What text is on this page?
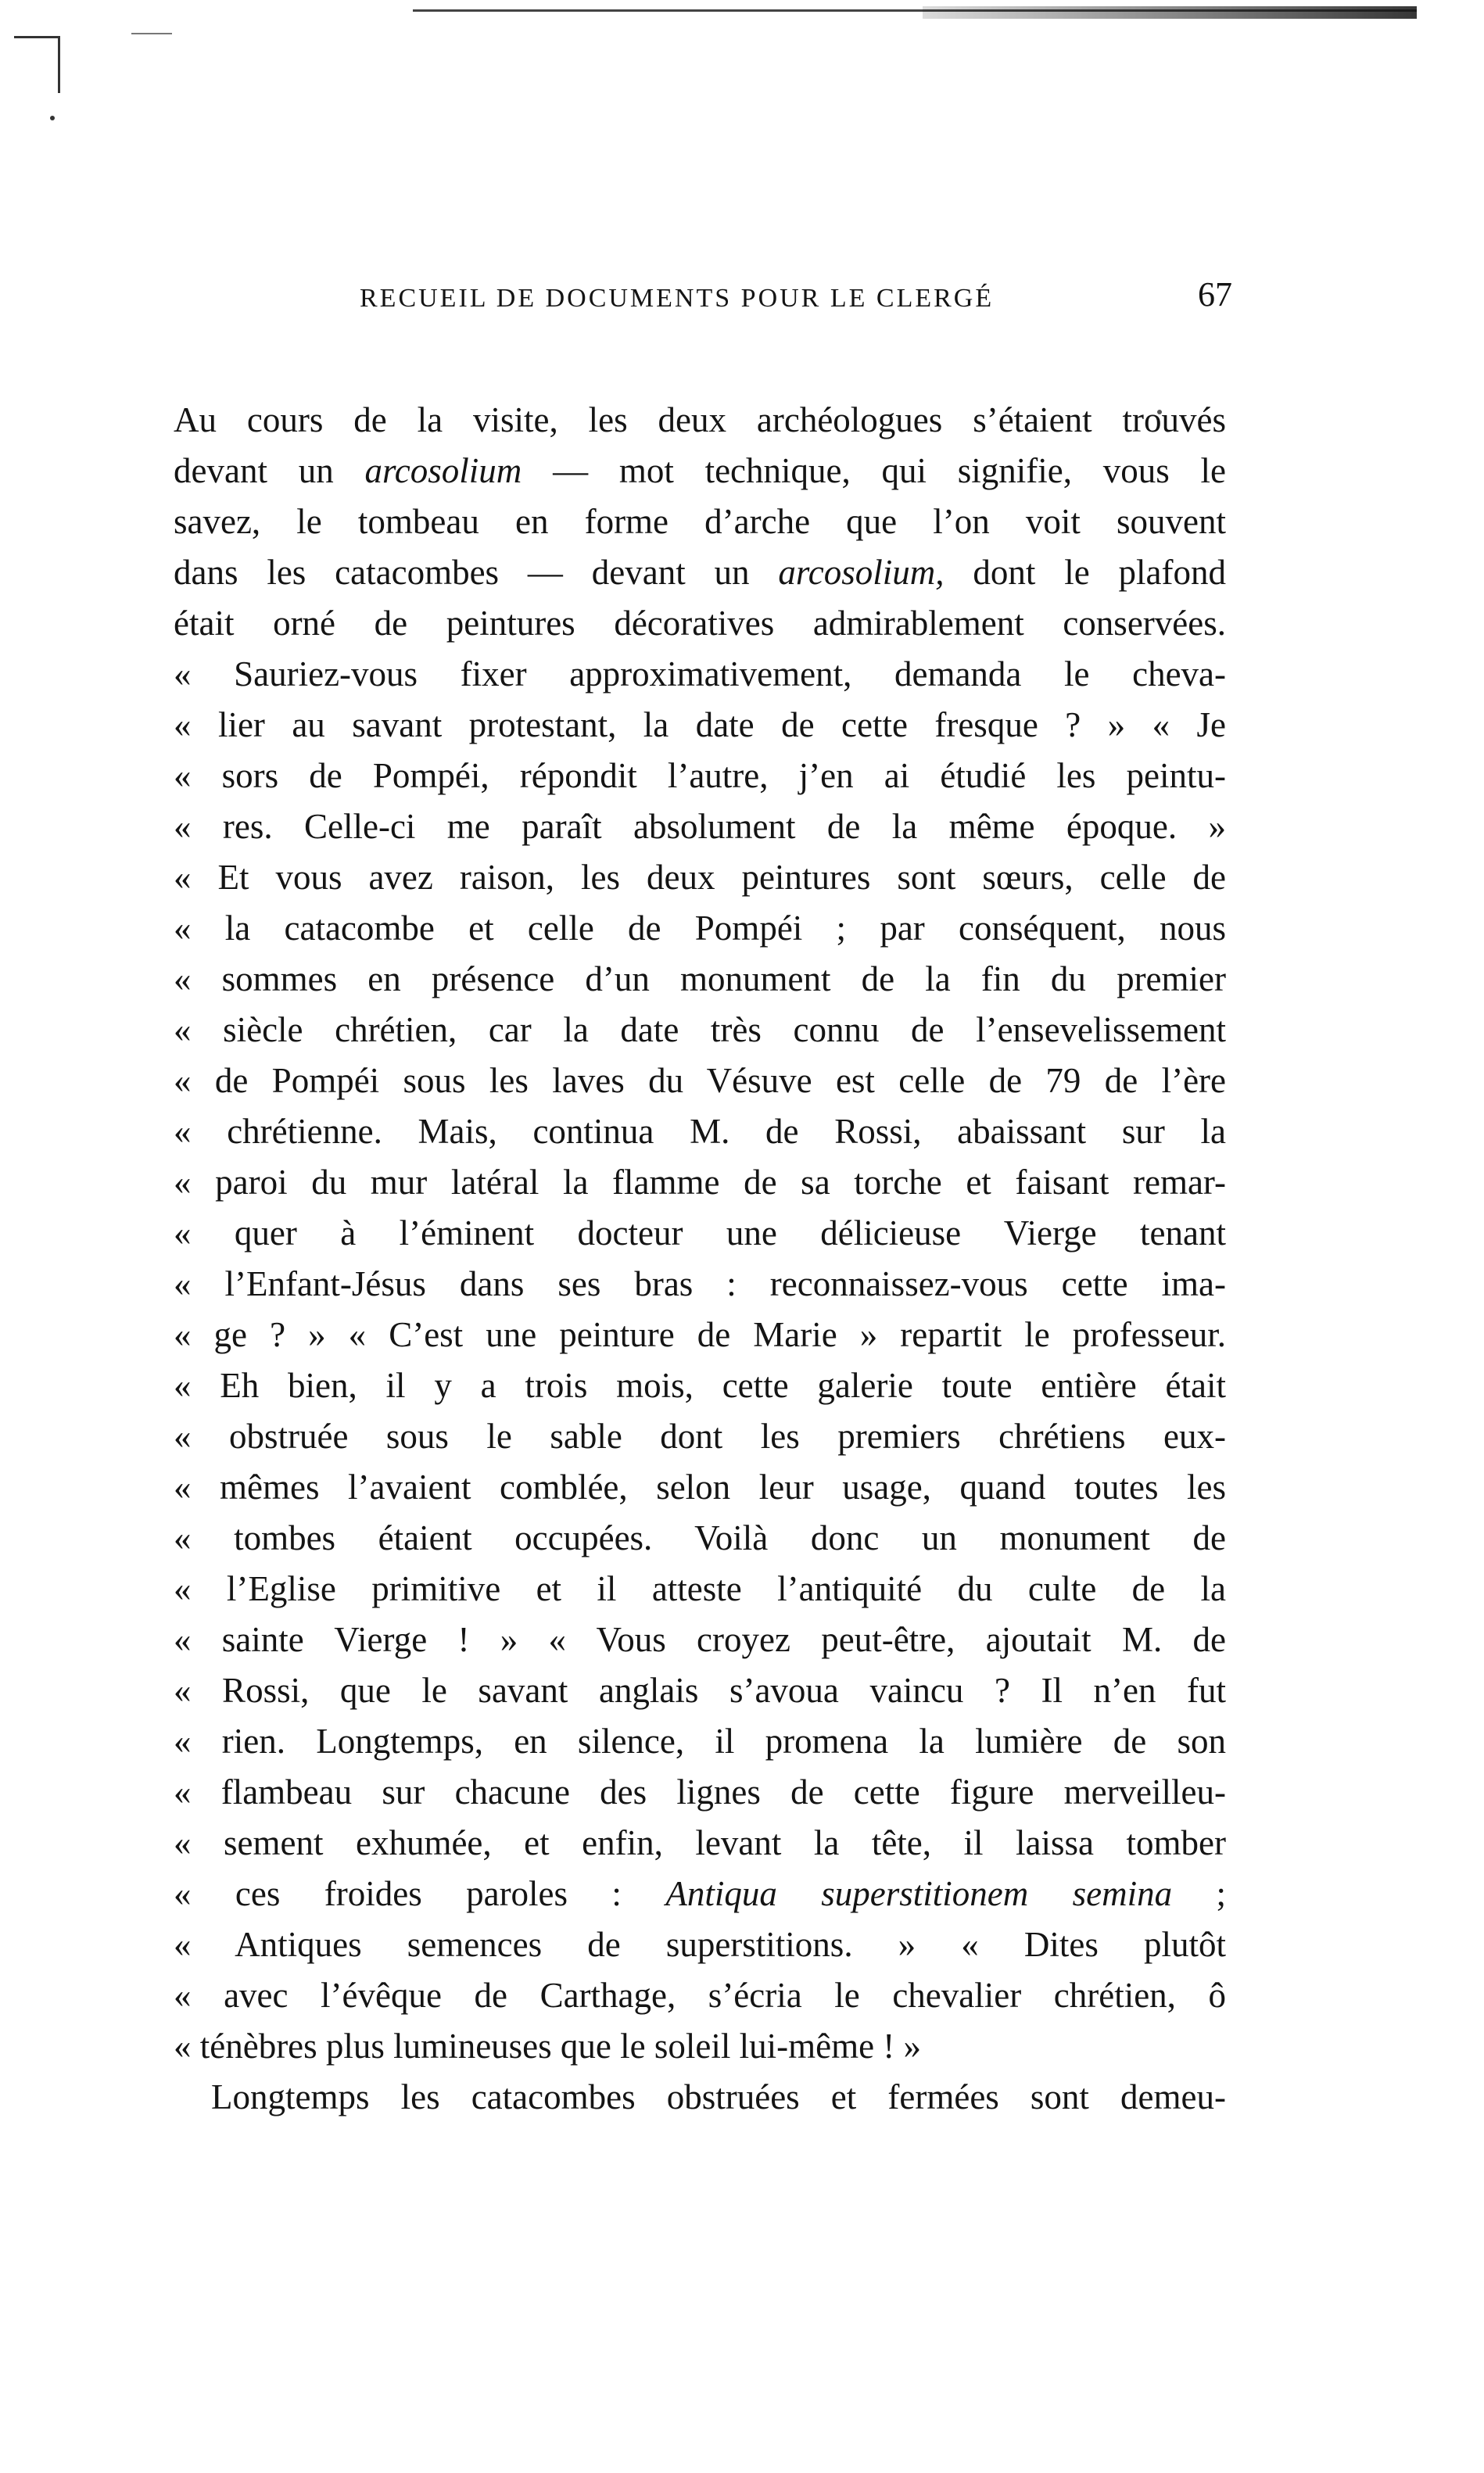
RECUEIL DE DOCUMENTS POUR LE CLERGÉ	67
Au cours de la visite, les deux archéologues s’étaient trouvés
devant un arcosolium — mot technique, qui signifie, vous le
savez, le tombeau en forme d’arche que l’on voit souvent
dans les catacombes — devant un arcosolium, dont le plafond
était orné de peintures décoratives admirablement conservées.
« Sauriez-vous fixer approximativement, demanda le cheva-
« lier au savant protestant, la date de cette fresque ? » « Je
« sors de Pompéi, répondit l’autre, j’en ai étudié les peintu-
« res. Celle-ci me paraît absolument de la même époque. »
« Et vous avez raison, les deux peintures sont sœurs, celle de
« la catacombe et celle de Pompéi ; par conséquent, nous
« sommes en présence d’un monument de la fin du premier
« siècle chrétien, car la date très connu de l’ensevelissement
« de Pompéi sous les laves du Vésuve est celle de 79 de l’ère
« chrétienne. Mais, continua M. de Rossi, abaissant sur la
« paroi du mur latéral la flamme de sa torche et faisant remar-
« quer à l’éminent docteur une délicieuse Vierge tenant
« l’Enfant-Jésus dans ses bras : reconnaissez-vous cette ima-
« ge ? » « C’est une peinture de Marie » repartit le professeur.
« Eh bien, il y a trois mois, cette galerie toute entière était
« obstruée sous le sable dont les premiers chrétiens eux-
« mêmes l’avaient comblée, selon leur usage, quand toutes les
« tombes étaient occupées. Voilà donc un monument de
« l’Eglise primitive et il atteste l’antiquité du culte de la
« sainte Vierge ! » « Vous croyez peut-être, ajoutait M. de
« Rossi, que le savant anglais s’avoua vaincu ? Il n’en fut
« rien. Longtemps, en silence, il promena la lumière de son
« flambeau sur chacune des lignes de cette figure merveilleu-
« sement exhumée, et enfin, levant la tête, il laissa tomber
« ces froides paroles : Antiqua superstitionem semina ;
« Antiques semences de superstitions. » « Dites plutôt
« avec l’évêque de Carthage, s’écria le chevalier chrétien, ô
« ténèbres plus lumineuses que le soleil lui-même ! »
Longtemps les catacombes obstruées et fermées sont demeu-
